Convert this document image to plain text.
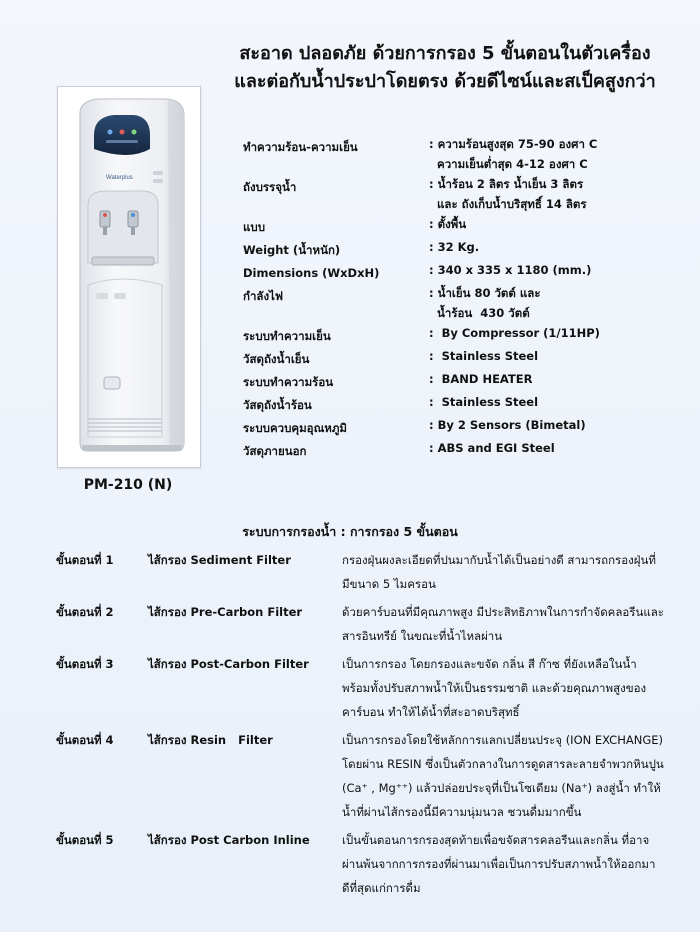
สะอาด ปลอดภัย ด้วยการกรอง 5 ขั้นตอนในตัวเครื่อง
และต่อกับน้ำประปาโดยตรง ด้วยดีไซน์และสเป็คสูงกว่า
Waterplus
PM-210 (N)
ทำความร้อน-ความเย็น	: ความร้อนสูงสุด 75-90 องศา C
ความเย็นต่ำสุด 4-12 องศา C
ถังบรรจุน้ำ	: น้ำร้อน 2 ลิตร น้ำเย็น 3 ลิตร
และ ถังเก็บน้ำบริสุทธิ์ 14 ลิตร
แบบ	: ตั้งพื้น
Weight (น้ำหนัก)	: 32 Kg.
Dimensions (WxDxH)	: 340 x 335 x 1180 (mm.)
กำลังไฟ	: น้ำเย็น 80 วัตต์ และ
น้ำร้อน  430 วัตต์
ระบบทำความเย็น	:  By Compressor (1/11HP)
วัสดุถังน้ำเย็น	:  Stainless Steel
ระบบทำความร้อน	:  BAND HEATER
วัสดุถังน้ำร้อน	:  Stainless Steel
ระบบควบคุมอุณหภูมิ	: By 2 Sensors (Bimetal)
วัสดุภายนอก	: ABS and EGI Steel
ระบบการกรองน้ำ : การกรอง 5 ขั้นตอน
ขั้นตอนที่ 1	ไส้กรอง Sediment Filter	กรองฝุ่นผงละเอียดที่ปนมากับน้ำได้เป็นอย่างดี สามารถกรองฝุ่นที่
มีขนาด 5 ไมครอน
ขั้นตอนที่ 2	ไส้กรอง Pre-Carbon Filter	ด้วยคาร์บอนที่มีคุณภาพสูง มีประสิทธิภาพในการกำจัดคลอรีนและ
สารอินทรีย์ ในขณะที่น้ำไหลผ่าน
ขั้นตอนที่ 3	ไส้กรอง Post-Carbon Filter	เป็นการกรอง โดยกรองและขจัด กลิ่น สี ก๊าซ ที่ยังเหลือในน้ำ
พร้อมทั้งปรับสภาพน้ำให้เป็นธรรมชาติ และด้วยคุณภาพสูงของ
คาร์บอน ทำให้ได้น้ำที่สะอาดบริสุทธิ์
ขั้นตอนที่ 4	ไส้กรอง Resin   Filter	เป็นการกรองโดยใช้หลักการแลกเปลี่ยนประจุ (ION EXCHANGE)
โดยผ่าน RESIN ซึ่งเป็นตัวกลางในการดูดสารละลายจำพวกหินปูน
(Ca⁺ , Mg⁺⁺) แล้วปล่อยประจุที่เป็นโซเดียม (Na⁺) ลงสู่น้ำ ทำให้
น้ำที่ผ่านไส้กรองนี้มีความนุ่มนวล ชวนดื่มมากขึ้น
ขั้นตอนที่ 5	ไส้กรอง Post Carbon Inline	เป็นขั้นตอนการกรองสุดท้ายเพื่อขจัดสารคลอรีนและกลิ่น ที่อาจ
ผ่านพ้นจากการกรองที่ผ่านมาเพื่อเป็นการปรับสภาพน้ำให้ออกมา
ดีที่สุดแก่การดื่ม
